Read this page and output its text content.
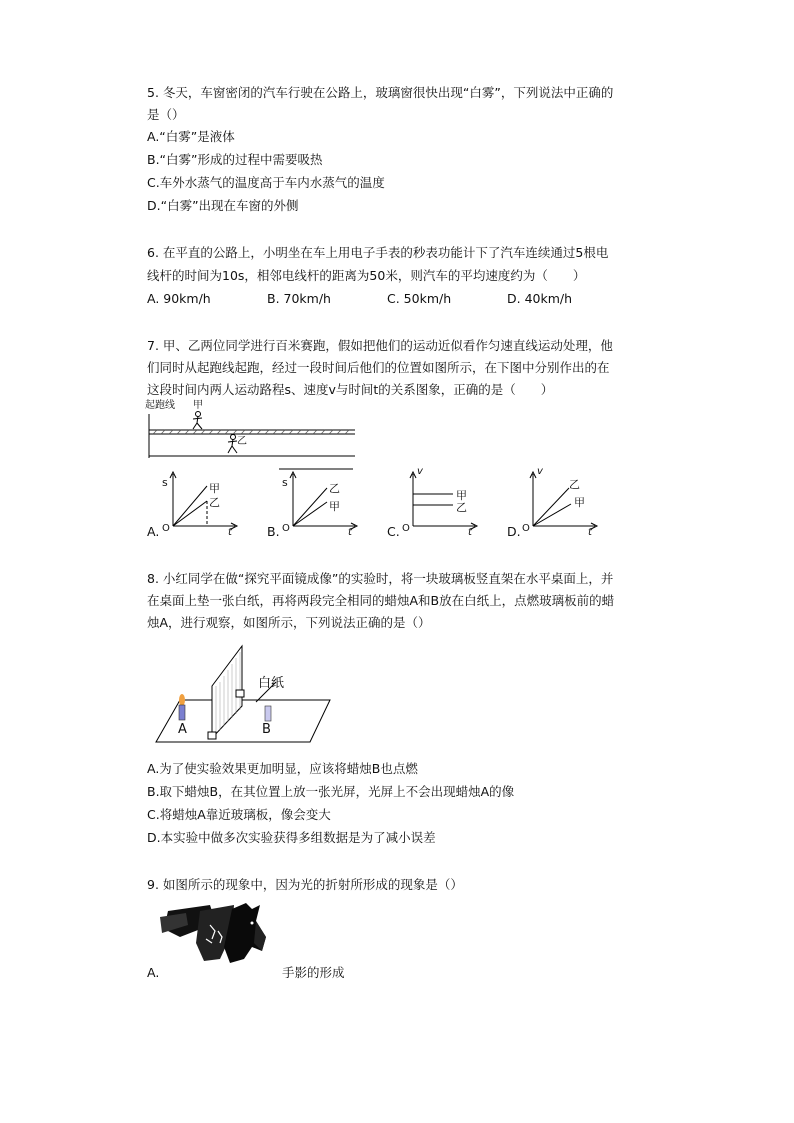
5. 冬天，车窗密闭的汽车行驶在公路上，玻璃窗很快出现“白雾”，下列说法中正确的
是（）
A.“白雾”是液体
B.“白雾”形成的过程中需要吸热
C.车外水蒸气的温度高于车内水蒸气的温度
D.“白雾”出现在车窗的外侧
6. 在平直的公路上，小明坐在车上用电子手表的秒表功能计下了汽车连续通过5根电
线杆的时间为10s，相邻电线杆的距离为50米，则汽车的平均速度约为（　　）
A. 90km/h	B. 70km/h	C. 50km/h	D. 40km/h
7. 甲、乙两位同学进行百米赛跑，假如把他们的运动近似看作匀速直线运动处理，他
们同时从起跑线起跑，经过一段时间后他们的位置如图所示，在下图中分别作出的在
这段时间内两人运动路程s、速度v与时间t的关系图象，正确的是（　　）
起跑线 甲
乙
A. O
s
t
甲
乙
B. O
s
t
乙
甲
C. O
v
t
甲
乙
D. O
v
t
乙
甲
8. 小红同学在做“探究平面镜成像”的实验时，将一块玻璃板竖直架在水平桌面上，并
在桌面上垫一张白纸，再将两段完全相同的蜡烛A和B放在白纸上，点燃玻璃板前的蜡
烛A，进行观察，如图所示，下列说法正确的是（）
白纸
A	B
A.为了使实验效果更加明显，应该将蜡烛B也点燃
B.取下蜡烛B，在其位置上放一张光屏，光屏上不会出现蜡烛A的像
C.将蜡烛A靠近玻璃板，像会变大
D.本实验中做多次实验获得多组数据是为了减小误差
9. 如图所示的现象中，因为光的折射所形成的现象是（）
A.	手影的形成
